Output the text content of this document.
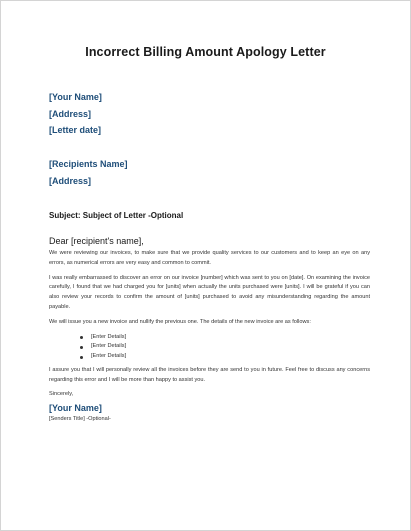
Incorrect Billing Amount Apology Letter

[Your Name]

[Address]

[Letter date]

[Recipients Name]

[Address]

Subject: Subject of Letter -Optional

Dear [recipient's name],

We were reviewing our invoices, to make sure that we provide quality services to our customers and to keep an eye on any errors, as numerical errors are very easy and common to commit.

I was really embarrassed to discover an error on our invoice [number] which was sent to you on [date]. On examining the invoice carefully, I found that we had charged you for [units] when actually the units purchased were [units]. I will be grateful if you can also review your records to confirm the amount of [units] purchased to avoid any misunderstanding regarding the amount payable.

We will issue you a new invoice and nullify the previous one. The details of the new invoice are as follows:

[Enter Details]
[Enter Details]
[Enter Details]

I assure you that I will personally review all the invoices before they are send to you in future. Feel free to discuss any concerns regarding this error and I will be more than happy to assist you.

Sincerely,

[Your Name]

[Senders Title] -Optional-
